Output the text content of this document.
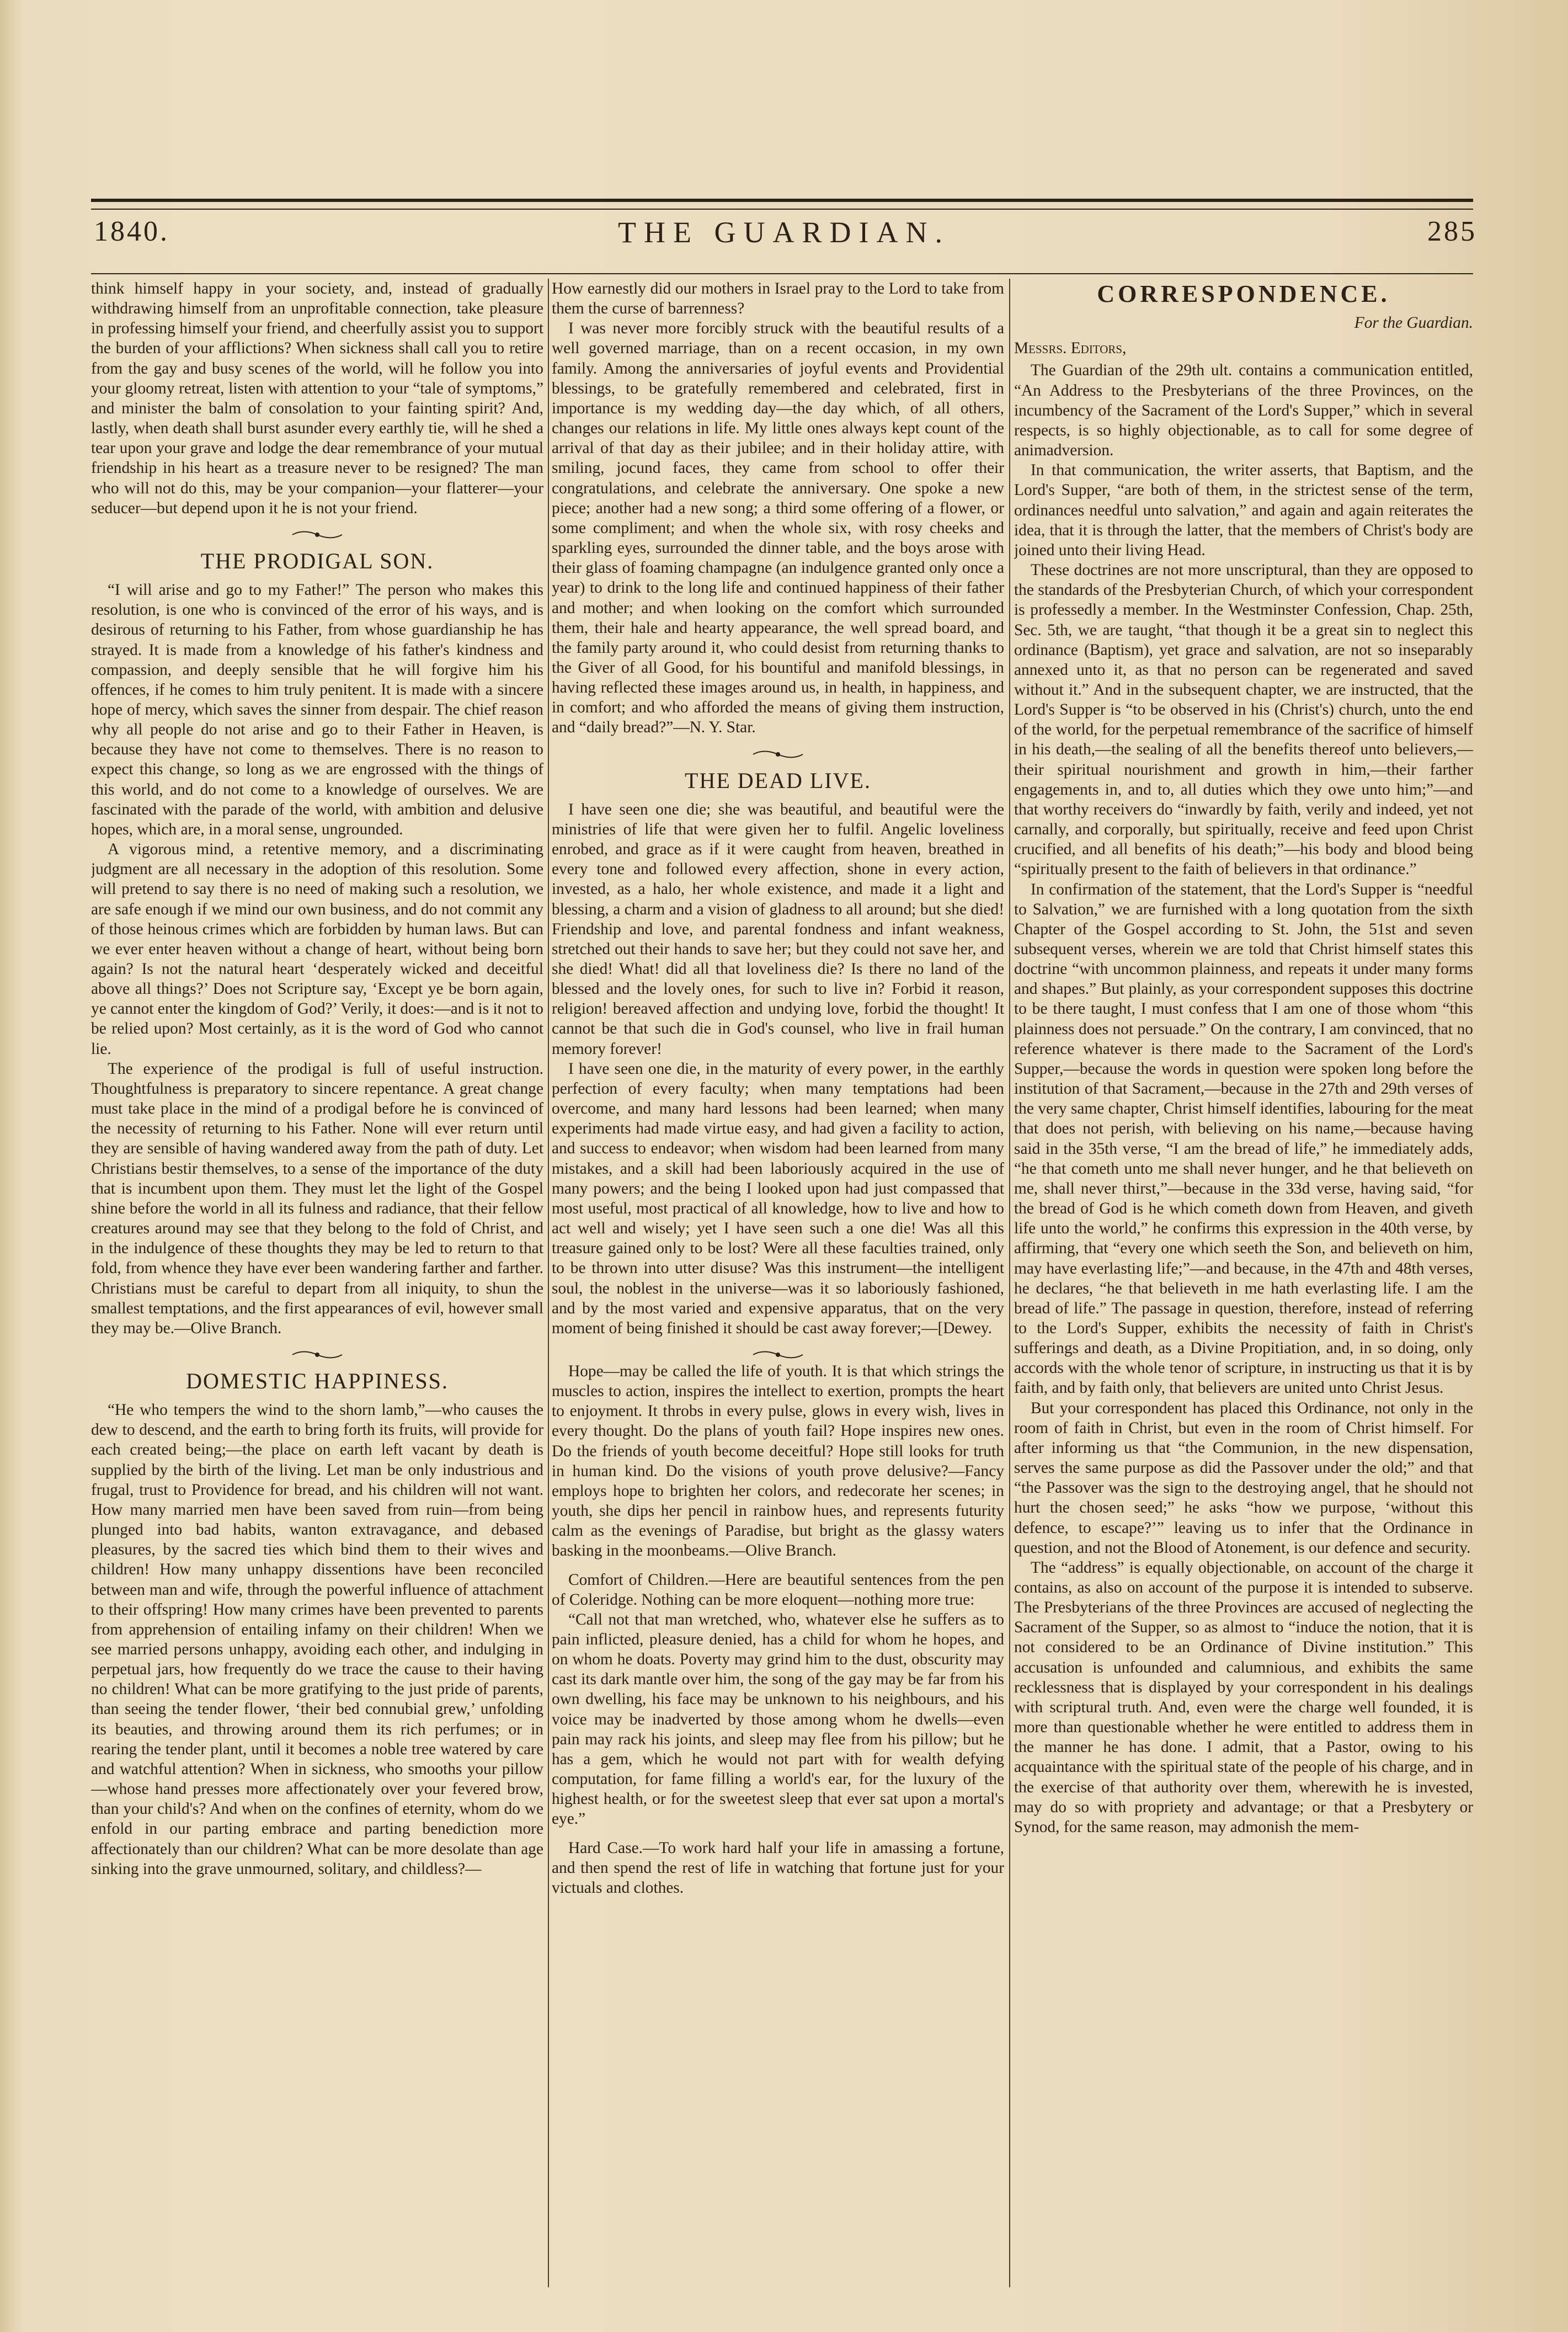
1840.	THE GUARDIAN.	285

think himself happy in your society, and, instead of gradually withdrawing himself from an unprofitable connection, take pleasure in professing himself your friend, and cheerfully assist you to support the burden of your afflictions? When sickness shall call you to retire from the gay and busy scenes of the world, will he follow you into your gloomy retreat, listen with attention to your “tale of symptoms,” and minister the balm of consolation to your fainting spirit? And, lastly, when death shall burst asunder every earthly tie, will he shed a tear upon your grave and lodge the dear remembrance of your mutual friendship in his heart as a treasure never to be resigned? The man who will not do this, may be your companion—your flatterer—your seducer—but depend upon it he is not your friend.

THE PRODIGAL SON.

“I will arise and go to my Father!” The person who makes this resolution, is one who is convinced of the error of his ways, and is desirous of returning to his Father, from whose guardianship he has strayed. It is made from a knowledge of his father's kindness and compassion, and deeply sensible that he will forgive him his offences, if he comes to him truly penitent. It is made with a sincere hope of mercy, which saves the sinner from despair. The chief reason why all people do not arise and go to their Father in Heaven, is because they have not come to themselves. There is no reason to expect this change, so long as we are engrossed with the things of this world, and do not come to a knowledge of ourselves. We are fascinated with the parade of the world, with ambition and delusive hopes, which are, in a moral sense, ungrounded.

A vigorous mind, a retentive memory, and a discriminating judgment are all necessary in the adoption of this resolution. Some will pretend to say there is no need of making such a resolution, we are safe enough if we mind our own business, and do not commit any of those heinous crimes which are forbidden by human laws. But can we ever enter heaven without a change of heart, without being born again? Is not the natural heart ‘desperately wicked and deceitful above all things?’ Does not Scripture say, ‘Except ye be born again, ye cannot enter the kingdom of God?’ Verily, it does:—and is it not to be relied upon? Most certainly, as it is the word of God who cannot lie.

The experience of the prodigal is full of useful instruction. Thoughtfulness is preparatory to sincere repentance. A great change must take place in the mind of a prodigal before he is convinced of the necessity of returning to his Father. None will ever return until they are sensible of having wandered away from the path of duty. Let Christians bestir themselves, to a sense of the importance of the duty that is incumbent upon them. They must let the light of the Gospel shine before the world in all its fulness and radiance, that their fellow creatures around may see that they belong to the fold of Christ, and in the indulgence of these thoughts they may be led to return to that fold, from whence they have ever been wandering farther and farther. Christians must be careful to depart from all iniquity, to shun the smallest temptations, and the first appearances of evil, however small they may be.—Olive Branch.

DOMESTIC HAPPINESS.

“He who tempers the wind to the shorn lamb,”—who causes the dew to descend, and the earth to bring forth its fruits, will provide for each created being;—the place on earth left vacant by death is supplied by the birth of the living. Let man be only industrious and frugal, trust to Providence for bread, and his children will not want. How many married men have been saved from ruin—from being plunged into bad habits, wanton extravagance, and debased pleasures, by the sacred ties which bind them to their wives and children! How many unhappy dissentions have been reconciled between man and wife, through the powerful influence of attachment to their offspring! How many crimes have been prevented to parents from apprehension of entailing infamy on their children! When we see married persons unhappy, avoiding each other, and indulging in perpetual jars, how frequently do we trace the cause to their having no children! What can be more gratifying to the just pride of parents, than seeing the tender flower, ‘their bed connubial grew,’ unfolding its beauties, and throwing around them its rich perfumes; or in rearing the tender plant, until it becomes a noble tree watered by care and watchful attention? When in sickness, who smooths your pillow—whose hand presses more affectionately over your fevered brow, than your child's? And when on the confines of eternity, whom do we enfold in our parting embrace and parting benediction more affectionately than our children? What can be more desolate than age sinking into the grave unmourned, solitary, and childless?—

How earnestly did our mothers in Israel pray to the Lord to take from them the curse of barrenness?

I was never more forcibly struck with the beautiful results of a well governed marriage, than on a recent occasion, in my own family. Among the anniversaries of joyful events and Providential blessings, to be gratefully remembered and celebrated, first in importance is my wedding day—the day which, of all others, changes our relations in life. My little ones always kept count of the arrival of that day as their jubilee; and in their holiday attire, with smiling, jocund faces, they came from school to offer their congratulations, and celebrate the anniversary. One spoke a new piece; another had a new song; a third some offering of a flower, or some compliment; and when the whole six, with rosy cheeks and sparkling eyes, surrounded the dinner table, and the boys arose with their glass of foaming champagne (an indulgence granted only once a year) to drink to the long life and continued happiness of their father and mother; and when looking on the comfort which surrounded them, their hale and hearty appearance, the well spread board, and the family party around it, who could desist from returning thanks to the Giver of all Good, for his bountiful and manifold blessings, in having reflected these images around us, in health, in happiness, and in comfort; and who afforded the means of giving them instruction, and “daily bread?”—N. Y. Star.

THE DEAD LIVE.

I have seen one die; she was beautiful, and beautiful were the ministries of life that were given her to fulfil. Angelic loveliness enrobed, and grace as if it were caught from heaven, breathed in every tone and followed every affection, shone in every action, invested, as a halo, her whole existence, and made it a light and blessing, a charm and a vision of gladness to all around; but she died! Friendship and love, and parental fondness and infant weakness, stretched out their hands to save her; but they could not save her, and she died! What! did all that loveliness die? Is there no land of the blessed and the lovely ones, for such to live in? Forbid it reason, religion! bereaved affection and undying love, forbid the thought! It cannot be that such die in God's counsel, who live in frail human memory forever!

I have seen one die, in the maturity of every power, in the earthly perfection of every faculty; when many temptations had been overcome, and many hard lessons had been learned; when many experiments had made virtue easy, and had given a facility to action, and success to endeavor; when wisdom had been learned from many mistakes, and a skill had been laboriously acquired in the use of many powers; and the being I looked upon had just compassed that most useful, most practical of all knowledge, how to live and how to act well and wisely; yet I have seen such a one die! Was all this treasure gained only to be lost? Were all these faculties trained, only to be thrown into utter disuse? Was this instrument—the intelligent soul, the noblest in the universe—was it so laboriously fashioned, and by the most varied and expensive apparatus, that on the very moment of being finished it should be cast away forever;—[Dewey.

Hope—may be called the life of youth. It is that which strings the muscles to action, inspires the intellect to exertion, prompts the heart to enjoyment. It throbs in every pulse, glows in every wish, lives in every thought. Do the plans of youth fail? Hope inspires new ones. Do the friends of youth become deceitful? Hope still looks for truth in human kind. Do the visions of youth prove delusive?—Fancy employs hope to brighten her colors, and redecorate her scenes; in youth, she dips her pencil in rainbow hues, and represents futurity calm as the evenings of Paradise, but bright as the glassy waters basking in the moonbeams.—Olive Branch.

Comfort of Children.—Here are beautiful sentences from the pen of Coleridge. Nothing can be more eloquent—nothing more true:

“Call not that man wretched, who, whatever else he suffers as to pain inflicted, pleasure denied, has a child for whom he hopes, and on whom he doats. Poverty may grind him to the dust, obscurity may cast its dark mantle over him, the song of the gay may be far from his own dwelling, his face may be unknown to his neighbours, and his voice may be inadverted by those among whom he dwells—even pain may rack his joints, and sleep may flee from his pillow; but he has a gem, which he would not part with for wealth defying computation, for fame filling a world's ear, for the luxury of the highest health, or for the sweetest sleep that ever sat upon a mortal's eye.”

Hard Case.—To work hard half your life in amassing a fortune, and then spend the rest of life in watching that fortune just for your victuals and clothes.

CORRESPONDENCE.
For the Guardian.
Messrs. Editors,

The Guardian of the 29th ult. contains a communication entitled, “An Address to the Presbyterians of the three Provinces, on the incumbency of the Sacrament of the Lord's Supper,” which in several respects, is so highly objectionable, as to call for some degree of animadversion.

In that communication, the writer asserts, that Baptism, and the Lord's Supper, “are both of them, in the strictest sense of the term, ordinances needful unto salvation,” and again and again reiterates the idea, that it is through the latter, that the members of Christ's body are joined unto their living Head.

These doctrines are not more unscriptural, than they are opposed to the standards of the Presbyterian Church, of which your correspondent is professedly a member. In the Westminster Confession, Chap. 25th, Sec. 5th, we are taught, “that though it be a great sin to neglect this ordinance (Baptism), yet grace and salvation, are not so inseparably annexed unto it, as that no person can be regenerated and saved without it.” And in the subsequent chapter, we are instructed, that the Lord's Supper is “to be observed in his (Christ's) church, unto the end of the world, for the perpetual remembrance of the sacrifice of himself in his death,—the sealing of all the benefits thereof unto believers,—their spiritual nourishment and growth in him,—their farther engagements in, and to, all duties which they owe unto him;”—and that worthy receivers do “inwardly by faith, verily and indeed, yet not carnally, and corporally, but spiritually, receive and feed upon Christ crucified, and all benefits of his death;”—his body and blood being “spiritually present to the faith of believers in that ordinance.”

In confirmation of the statement, that the Lord's Supper is “needful to Salvation,” we are furnished with a long quotation from the sixth Chapter of the Gospel according to St. John, the 51st and seven subsequent verses, wherein we are told that Christ himself states this doctrine “with uncommon plainness, and repeats it under many forms and shapes.” But plainly, as your correspondent supposes this doctrine to be there taught, I must confess that I am one of those whom “this plainness does not persuade.” On the contrary, I am convinced, that no reference whatever is there made to the Sacrament of the Lord's Supper,—because the words in question were spoken long before the institution of that Sacrament,—because in the 27th and 29th verses of the very same chapter, Christ himself identifies, labouring for the meat that does not perish, with believing on his name,—because having said in the 35th verse, “I am the bread of life,” he immediately adds, “he that cometh unto me shall never hunger, and he that believeth on me, shall never thirst,”—because in the 33d verse, having said, “for the bread of God is he which cometh down from Heaven, and giveth life unto the world,” he confirms this expression in the 40th verse, by affirming, that “every one which seeth the Son, and believeth on him, may have everlasting life;”—and because, in the 47th and 48th verses, he declares, “he that believeth in me hath everlasting life. I am the bread of life.” The passage in question, therefore, instead of referring to the Lord's Supper, exhibits the necessity of faith in Christ's sufferings and death, as a Divine Propitiation, and, in so doing, only accords with the whole tenor of scripture, in instructing us that it is by faith, and by faith only, that believers are united unto Christ Jesus.

But your correspondent has placed this Ordinance, not only in the room of faith in Christ, but even in the room of Christ himself. For after informing us that “the Communion, in the new dispensation, serves the same purpose as did the Passover under the old;” and that “the Passover was the sign to the destroying angel, that he should not hurt the chosen seed;” he asks “how we purpose, ‘without this defence, to escape?’” leaving us to infer that the Ordinance in question, and not the Blood of Atonement, is our defence and security.

The “address” is equally objectionable, on account of the charge it contains, as also on account of the purpose it is intended to subserve. The Presbyterians of the three Provinces are accused of neglecting the Sacrament of the Supper, so as almost to “induce the notion, that it is not considered to be an Ordinance of Divine institution.” This accusation is unfounded and calumnious, and exhibits the same recklessness that is displayed by your correspondent in his dealings with scriptural truth. And, even were the charge well founded, it is more than questionable whether he were entitled to address them in the manner he has done. I admit, that a Pastor, owing to his acquaintance with the spiritual state of the people of his charge, and in the exercise of that authority over them, wherewith he is invested, may do so with propriety and advantage; or that a Presbytery or Synod, for the same reason, may admonish the mem-
